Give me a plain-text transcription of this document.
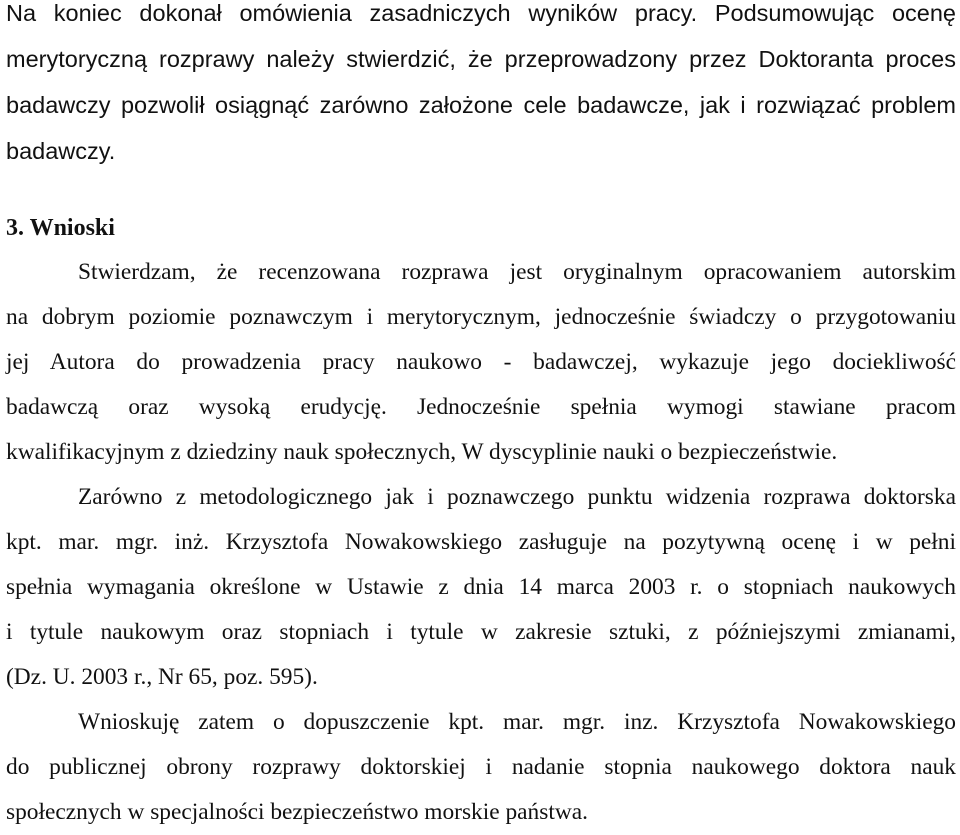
Na koniec dokonał omówienia zasadniczych wyników pracy. Podsumowując ocenę
merytoryczną rozprawy należy stwierdzić, że przeprowadzony przez Doktoranta proces
badawczy pozwolił osiągnąć zarówno założone cele badawcze, jak i rozwiązać problem
badawczy.
3. Wnioski
Stwierdzam, że recenzowana rozprawa jest oryginalnym opracowaniem autorskim
na dobrym poziomie poznawczym i merytorycznym, jednocześnie świadczy o przygotowaniu
jej Autora do prowadzenia pracy naukowo - badawczej, wykazuje jego dociekliwość
badawczą oraz wysoką erudycję. Jednocześnie spełnia wymogi stawiane pracom
kwalifikacyjnym z dziedziny nauk społecznych, W dyscyplinie nauki o bezpieczeństwie.
Zarówno z metodologicznego jak i poznawczego punktu widzenia rozprawa doktorska
kpt. mar. mgr. inż. Krzysztofa Nowakowskiego zasługuje na pozytywną ocenę i w pełni
spełnia wymagania określone w Ustawie z dnia 14 marca 2003 r. o stopniach naukowych
i tytule naukowym oraz stopniach i tytule w zakresie sztuki, z późniejszymi zmianami,
(Dz. U. 2003 r., Nr 65, poz. 595).
Wnioskuję zatem o dopuszczenie kpt. mar. mgr. inz. Krzysztofa Nowakowskiego
do publicznej obrony rozprawy doktorskiej i nadanie stopnia naukowego doktora nauk
społecznych w specjalności bezpieczeństwo morskie państwa.
